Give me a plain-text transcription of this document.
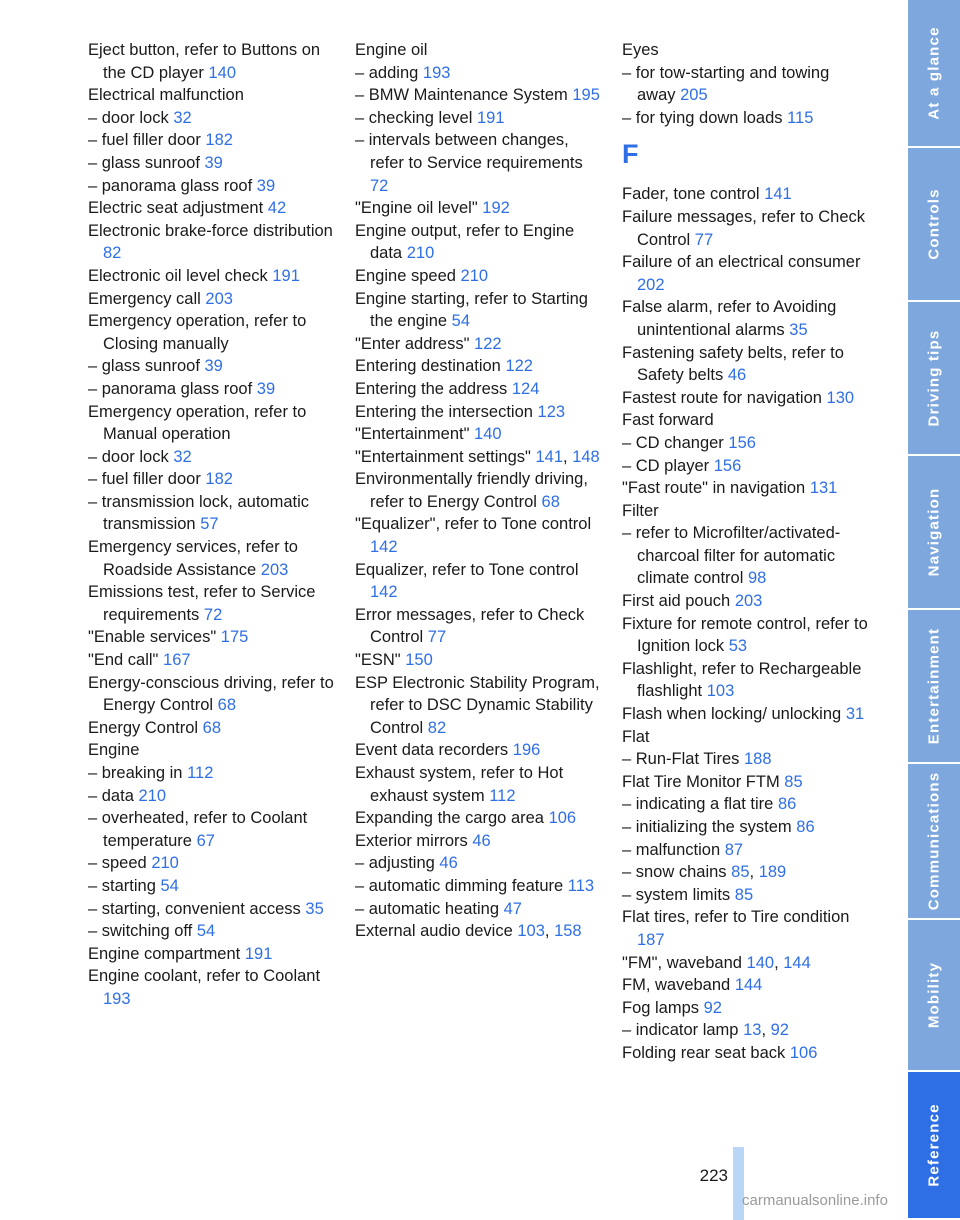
Eject button, refer to Buttons on the CD player 140
Electrical malfunction
– door lock 32
– fuel filler door 182
– glass sunroof 39
– panorama glass roof 39
Electric seat adjustment 42
Electronic brake-force distribution 82
Electronic oil level check 191
Emergency call 203
Emergency operation, refer to Closing manually
– glass sunroof 39
– panorama glass roof 39
Emergency operation, refer to Manual operation
– door lock 32
– fuel filler door 182
– transmission lock, automatic transmission 57
Emergency services, refer to Roadside Assistance 203
Emissions test, refer to Service requirements 72
"Enable services" 175
"End call" 167
Energy-conscious driving, refer to Energy Control 68
Energy Control 68
Engine
– breaking in 112
– data 210
– overheated, refer to Coolant temperature 67
– speed 210
– starting 54
– starting, convenient access 35
– switching off 54
Engine compartment 191
Engine coolant, refer to Coolant 193
Engine oil
– adding 193
– BMW Maintenance System 195
– checking level 191
– intervals between changes, refer to Service requirements 72
"Engine oil level" 192
Engine output, refer to Engine data 210
Engine speed 210
Engine starting, refer to Starting the engine 54
"Enter address" 122
Entering destination 122
Entering the address 124
Entering the intersection 123
"Entertainment" 140
"Entertainment settings" 141, 148
Environmentally friendly driving, refer to Energy Control 68
"Equalizer", refer to Tone control 142
Equalizer, refer to Tone control 142
Error messages, refer to Check Control 77
"ESN" 150
ESP Electronic Stability Program, refer to DSC Dynamic Stability Control 82
Event data recorders 196
Exhaust system, refer to Hot exhaust system 112
Expanding the cargo area 106
Exterior mirrors 46
– adjusting 46
– automatic dimming feature 113
– automatic heating 47
External audio device 103, 158
Eyes
– for tow-starting and towing away 205
– for tying down loads 115
F
Fader, tone control 141
Failure messages, refer to Check Control 77
Failure of an electrical consumer 202
False alarm, refer to Avoiding unintentional alarms 35
Fastening safety belts, refer to Safety belts 46
Fastest route for navigation 130
Fast forward
– CD changer 156
– CD player 156
"Fast route" in navigation 131
Filter
– refer to Microfilter/activated-charcoal filter for automatic climate control 98
First aid pouch 203
Fixture for remote control, refer to Ignition lock 53
Flashlight, refer to Rechargeable flashlight 103
Flash when locking/ unlocking 31
Flat
– Run-Flat Tires 188
Flat Tire Monitor FTM 85
– indicating a flat tire 86
– initializing the system 86
– malfunction 87
– snow chains 85, 189
– system limits 85
Flat tires, refer to Tire condition 187
"FM", waveband 140, 144
FM, waveband 144
Fog lamps 92
– indicator lamp 13, 92
Folding rear seat back 106
223
carmanualsonline.info
At a glance
Controls
Driving tips
Navigation
Entertainment
Communications
Mobility
Reference
